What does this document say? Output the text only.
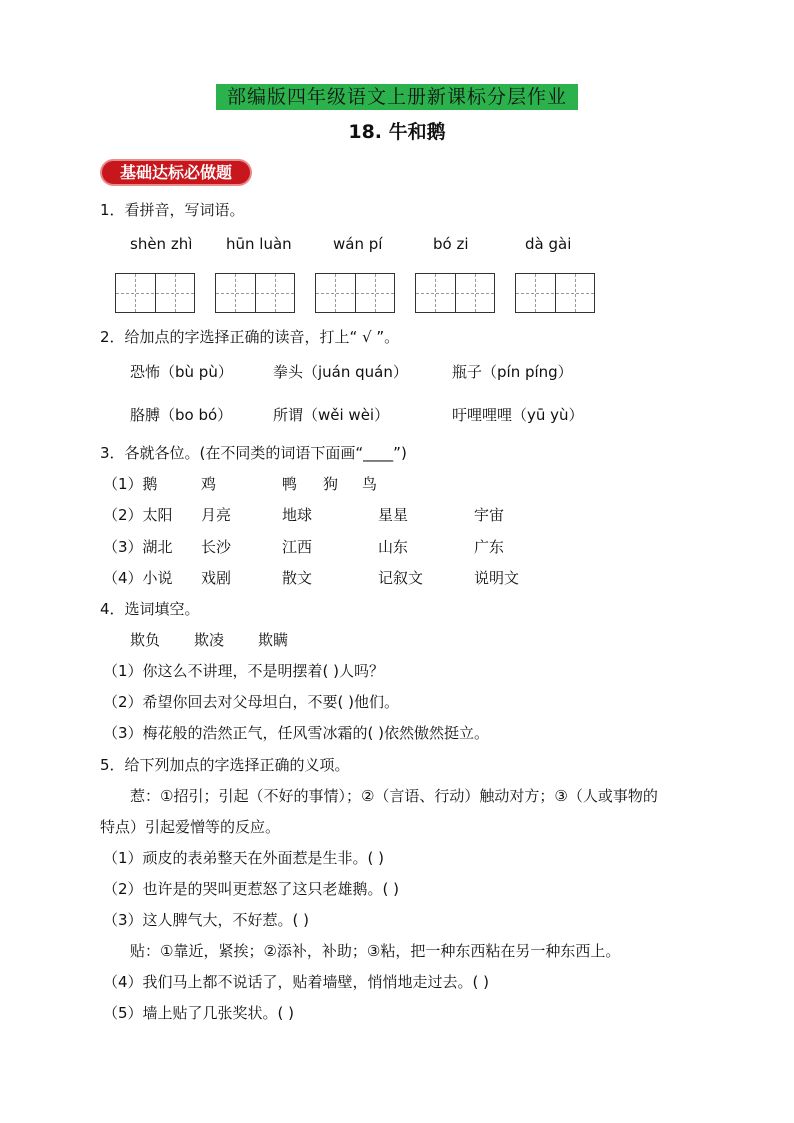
部编版四年级语文上册新课标分层作业
18. 牛和鹅
基础达标必做题
1．看拼音，写词语。
shèn zhì hūn luàn	wán pí	bó zi	dà gài
2．给加点的字选择正确的读音，打上“ √ ”。
恐怖（bù pù）	拳头（juán quán）	瓶子（pín píng）
胳膊（bo bó）	所谓（wěi wèi）	吁哩哩哩（yū yù）
3．各就各位。(在不同类的词语下面画“____”)
（1）鹅	鸡	鸭 狗 鸟
（2）太阳 月亮	地球	星星	宇宙
（3）湖北 长沙	江西	山东	广东
（4）小说 戏剧	散文	记叙文	说明文
4．选词填空。
欺负 欺凌 欺瞒
（1）你这么不讲理，不是明摆着( )人吗？
（2）希望你回去对父母坦白，不要( )他们。
（3）梅花般的浩然正气，任风雪冰霜的( )依然傲然挺立。
5．给下列加点的字选择正确的义项。
惹：①招引；引起（不好的事情）；②（言语、行动）触动对方；③（人或事物的
特点）引起爱憎等的反应。
（1）顽皮的表弟整天在外面惹是生非。( )
（2）也许是的哭叫更惹怒了这只老雄鹅。( )
（3）这人脾气大，不好惹。( )
贴：①靠近，紧挨；②添补，补助；③粘，把一种东西粘在另一种东西上。
（4）我们马上都不说话了，贴着墙壁，悄悄地走过去。( )
（5）墙上贴了几张奖状。( )
